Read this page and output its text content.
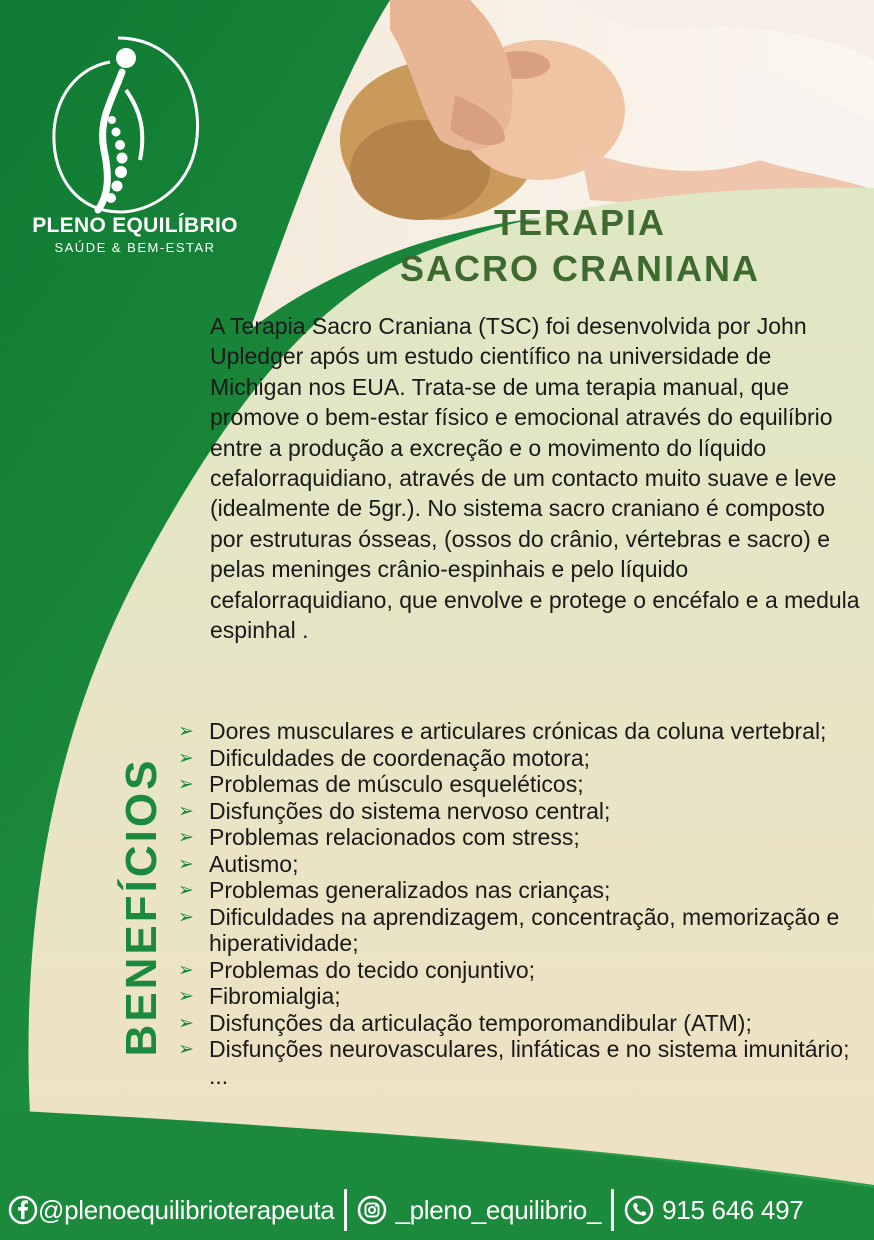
PLENO EQUILÍBRIO
SAÚDE & BEM-ESTAR
TERAPIA
SACRO CRANIANA

A Terapia Sacro Craniana (TSC) foi desenvolvida por John Upledger após um estudo científico na universidade de Michigan nos EUA. Trata-se de uma terapia manual, que promove o bem-estar físico e emocional através do equilíbrio entre a produção a excreção e o movimento do líquido cefalorraquidiano, através de um contacto muito suave e leve (idealmente de 5gr.). No sistema sacro craniano é composto por estruturas ósseas, (ossos do crânio, vértebras e sacro) e pelas meninges crânio-espinhais e pelo líquido cefalorraquidiano, que envolve e protege o encéfalo e a medula espinhal .

BENEFÍCIOS
➢ Dores musculares e articulares crónicas da coluna vertebral;
➢ Dificuldades de coordenação motora;
➢ Problemas de músculo esqueléticos;
➢ Disfunções do sistema nervoso central;
➢ Problemas relacionados com stress;
➢ Autismo;
➢ Problemas generalizados nas crianças;
➢ Dificuldades na aprendizagem, concentração, memorização e hiperatividade;
➢ Problemas do tecido conjuntivo;
➢ Fibromialgia;
➢ Disfunções da articulação temporomandibular (ATM);
➢ Disfunções neurovasculares, linfáticas e no sistema imunitário; ...
@plenoequilibrioterapeuta _pleno_equilibrio_ 915 646 497
